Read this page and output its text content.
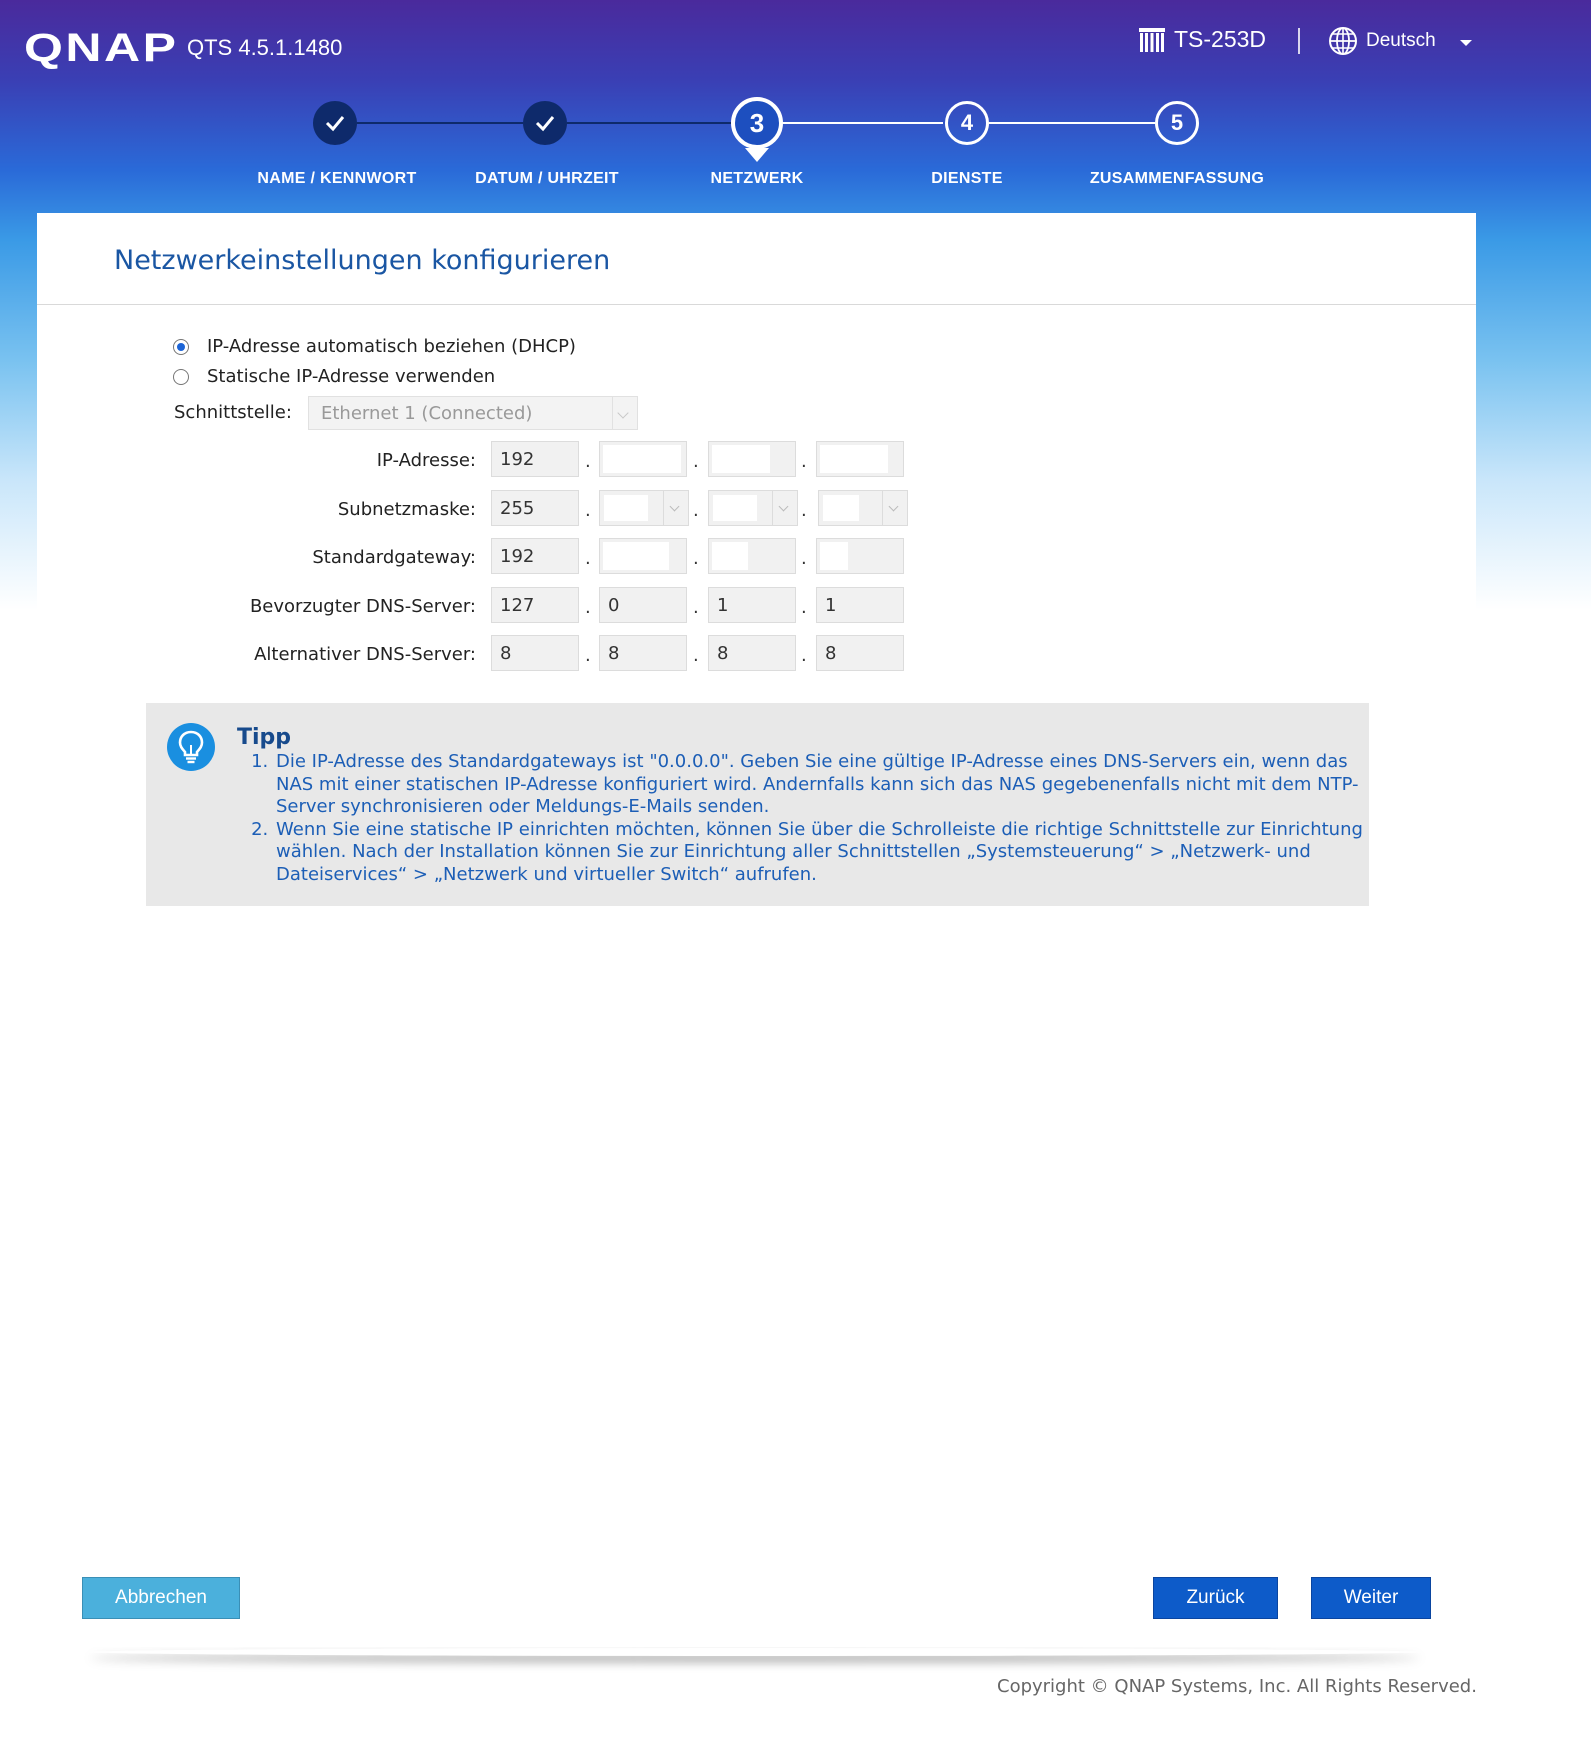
QNAP QTS 4.5.1.1480	TS-253D	Deutsch
3	4	5
NAME / KENNWORT	DATUM / UHRZEIT	NETZWERK	DIENSTE	ZUSAMMENFASSUNG
Netzwerkeinstellungen konfigurieren
IP-Adresse automatisch beziehen (DHCP)
Statische IP-Adresse verwenden
Schnittstelle: Ethernet 1 (Connected)
IP-Adresse: 192	.	.	.
Subnetzmaske: 255	.	.	.
Standardgateway: 192	.	.	.
Bevorzugter DNS-Server: 127	. 0	. 1	. 1
Alternativer DNS-Server: 8	. 8	. 8	. 8
Tipp
1. Die IP-Adresse des Standardgateways ist "0.0.0.0". Geben Sie eine gültige IP-Adresse eines DNS-Servers ein, wenn das NAS mit einer statischen IP-Adresse konfiguriert wird. Andernfalls kann sich das NAS gegebenenfalls nicht mit dem NTP-Server synchronisieren oder Meldungs-E-Mails senden.
2. Wenn Sie eine statische IP einrichten möchten, können Sie über die Schrolleiste die richtige Schnittstelle zur Einrichtung wählen. Nach der Installation können Sie zur Einrichtung aller Schnittstellen „Systemsteuerung“ > „Netzwerk- und Dateiservices“ > „Netzwerk und virtueller Switch“ aufrufen.
Abbrechen	Zurück	Weiter
Copyright © QNAP Systems, Inc. All Rights Reserved.
